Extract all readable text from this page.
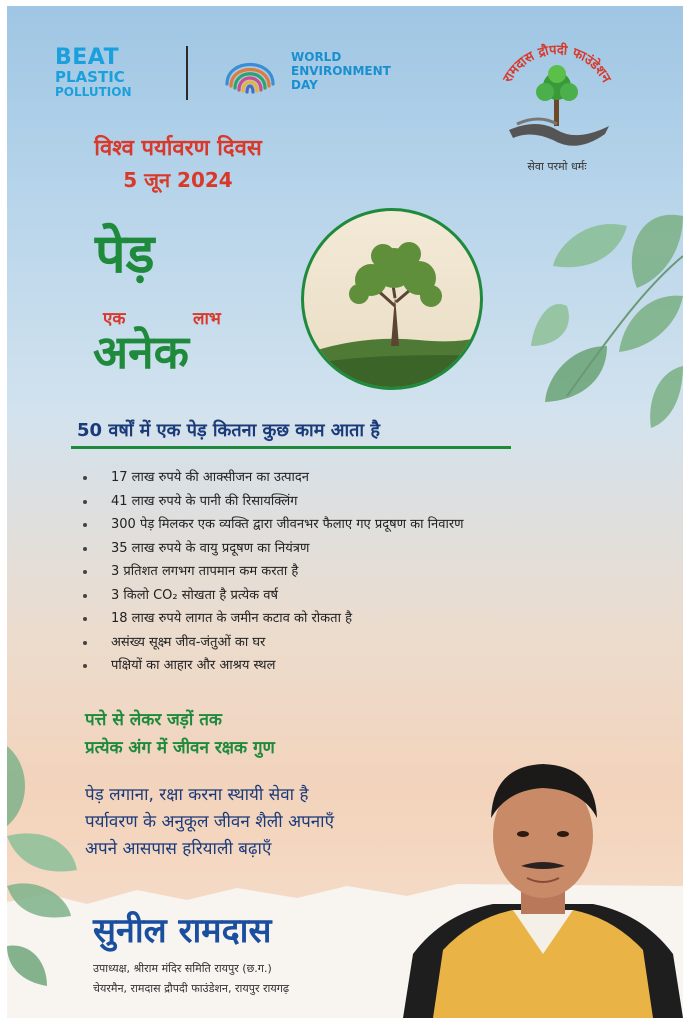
BEAT
PLASTIC
POLLUTION
WORLD
ENVIRONMENT
DAY	रामदास द्रौपदी फाउंडेशन
सेवा परमो धर्मः
विश्व पर्यावरण दिवस
5 जून 2024
पेड़
एक	लाभ
अनेक
50 वर्षों में एक पेड़ कितना कुछ काम आता है
17 लाख रुपये की आक्सीजन का उत्पादन
41 लाख रुपये के पानी की रिसायक्लिंग
300 पेड़ मिलकर एक व्यक्ति द्वारा जीवनभर फैलाए गए प्रदूषण का निवारण
35 लाख रुपये के वायु प्रदूषण का नियंत्रण
3 प्रतिशत लगभग तापमान कम करता है
3 किलो CO₂ सोखता है प्रत्येक वर्ष
18 लाख रुपये लागत के जमीन कटाव को रोकता है
असंख्य सूक्ष्म जीव-जंतुओं का घर
पक्षियों का आहार और आश्रय स्थल
पत्ते से लेकर जड़ों तक
प्रत्येक अंग में जीवन रक्षक गुण
पेड़ लगाना, रक्षा करना स्थायी सेवा है
पर्यावरण के अनुकूल जीवन शैली अपनाएँ
अपने आसपास हरियाली बढ़ाएँ
सुनील रामदास
उपाध्यक्ष, श्रीराम मंदिर समिति रायपुर (छ.ग.)
चेयरमैन, रामदास द्रौपदी फाउंडेशन, रायपुर रायगढ़
